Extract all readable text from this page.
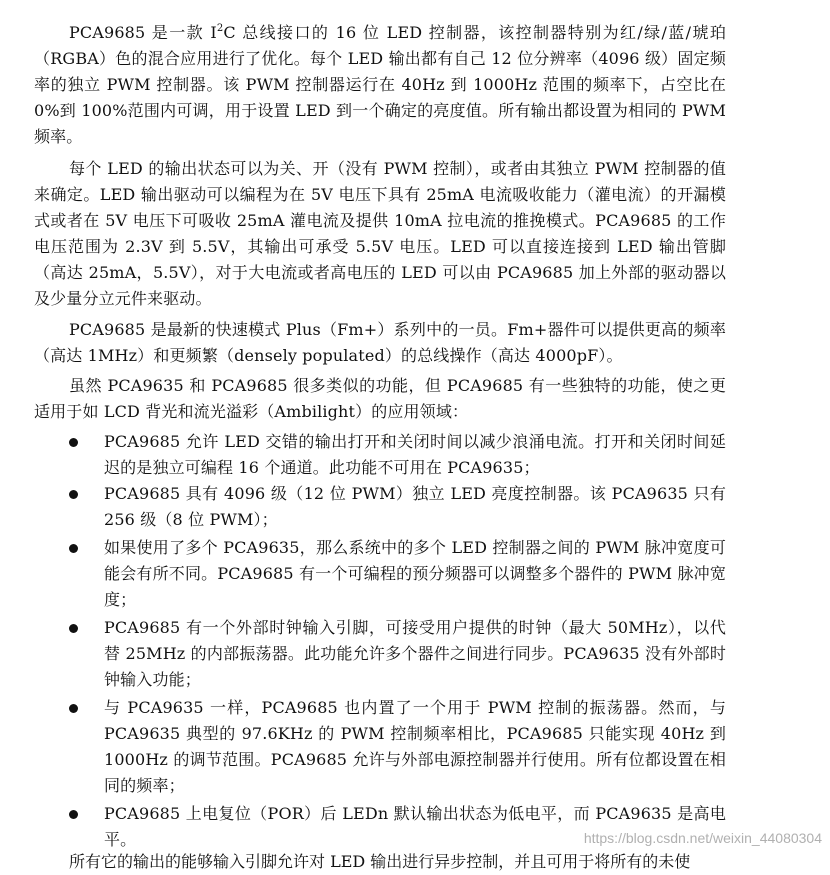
PCA9685 是一款 $I^2C$ 总线接口的 16 位 LED 控制器，该控制器特别为红/绿/蓝/琥珀（RGBA）色的混合应用进行了优化。每个 LED 输出都有自己 12 位分辨率（4096 级）固定频率的独立 PWM 控制器。该 PWM 控制器运行在 40Hz 到 1000Hz 范围的频率下，占空比在 0%到 100%范围内可调，用于设置 LED 到一个确定的亮度值。所有输出都设置为相同的 PWM 频率。

每个 LED 的输出状态可以为关、开（没有 PWM 控制），或者由其独立 PWM 控制器的值来确定。LED 输出驱动可以编程为在 5V 电压下具有 25mA 电流吸收能力（灌电流）的开漏模式或者在 5V 电压下可吸收 25mA 灌电流及提供 10mA 拉电流的推挽模式。PCA9685 的工作电压范围为 2.3V 到 5.5V，其输出可承受 5.5V 电压。LED 可以直接连接到 LED 输出管脚（高达 25mA，5.5V），对于大电流或者高电压的 LED 可以由 PCA9685 加上外部的驱动器以及少量分立元件来驱动。

PCA9685 是最新的快速模式 Plus（Fm+）系列中的一员。Fm+器件可以提供更高的频率（高达 1MHz）和更频繁（densely populated）的总线操作（高达 4000pF）。

虽然 PCA9635 和 PCA9685 很多类似的功能，但 PCA9685 有一些独特的功能，使之更适用于如 LCD 背光和流光溢彩（Ambilight）的应用领域：

PCA9685 允许 LED 交错的输出打开和关闭时间以减少浪涌电流。打开和关闭时间延迟的是独立可编程 16 个通道。此功能不可用在 PCA9635；
PCA9685 具有 4096 级（12 位 PWM）独立 LED 亮度控制器。该 PCA9635 只有 256 级（8 位 PWM）；
如果使用了多个 PCA9635，那么系统中的多个 LED 控制器之间的 PWM 脉冲宽度可能会有所不同。PCA9685 有一个可编程的预分频器可以调整多个器件的 PWM 脉冲宽度；
PCA9685 有一个外部时钟输入引脚，可接受用户提供的时钟（最大 50MHz），以代替 25MHz 的内部振荡器。此功能允许多个器件之间进行同步。PCA9635 没有外部时钟输入功能；
与 PCA9635 一样，PCA9685 也内置了一个用于 PWM 控制的振荡器。然而，与 PCA9635 典型的 97.6KHz 的 PWM 控制频率相比，PCA9685 只能实现 40Hz 到 1000Hz 的调节范围。PCA9685 允许与外部电源控制器并行使用。所有位都设置在相同的频率；
PCA9685 上电复位（POR）后 LEDn 默认输出状态为低电平，而 PCA9635 是高电平。
所有它的输出的能够输入引脚允许对 LED 输出进行异步控制，并且可用于将所有的未使
https://blog.csdn.net/weixin_44080304
